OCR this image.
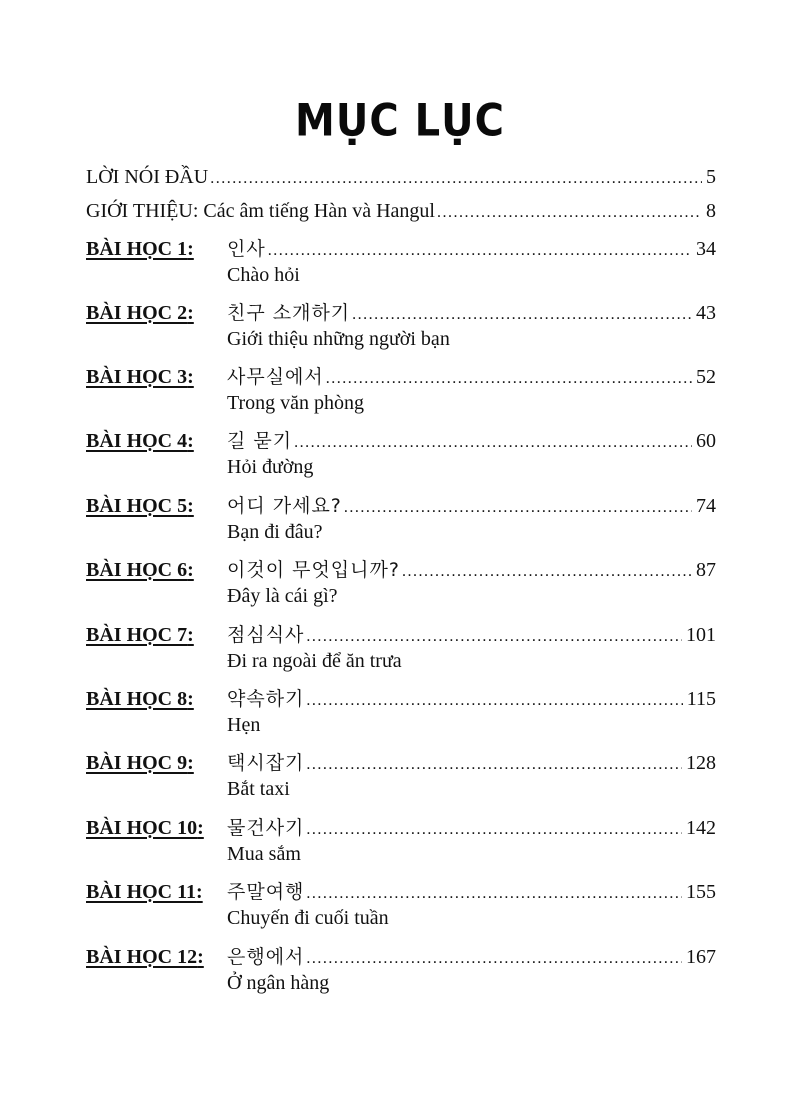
MỤC LỤC
LỜI NÓI ĐẦU .....	5
GIỚI THIỆU: Các âm tiếng Hàn và Hangul .....	8
BÀI HỌC 1:	인사 .....	34
Chào hỏi
BÀI HỌC 2:	친구 소개하기 .....	43
Giới thiệu những người bạn
BÀI HỌC 3:	사무실에서 .....	52
Trong văn phòng
BÀI HỌC 4:	길 묻기 .....	60
Hỏi đường
BÀI HỌC 5:	어디 가세요? .....	74
Bạn đi đâu?
BÀI HỌC 6:	이것이 무엇입니까? .....	87
Đây là cái gì?
BÀI HỌC 7:	점심식사 .....	101
Đi ra ngoài để ăn trưa
BÀI HỌC 8:	약속하기 .....	115
Hẹn
BÀI HỌC 9:	택시잡기 .....	128
Bắt taxi
BÀI HỌC 10:	물건사기 .....	142
Mua sắm
BÀI HỌC 11:	주말여행 .....	155
Chuyến đi cuối tuần
BÀI HỌC 12:	은행에서 .....	167
Ở ngân hàng
